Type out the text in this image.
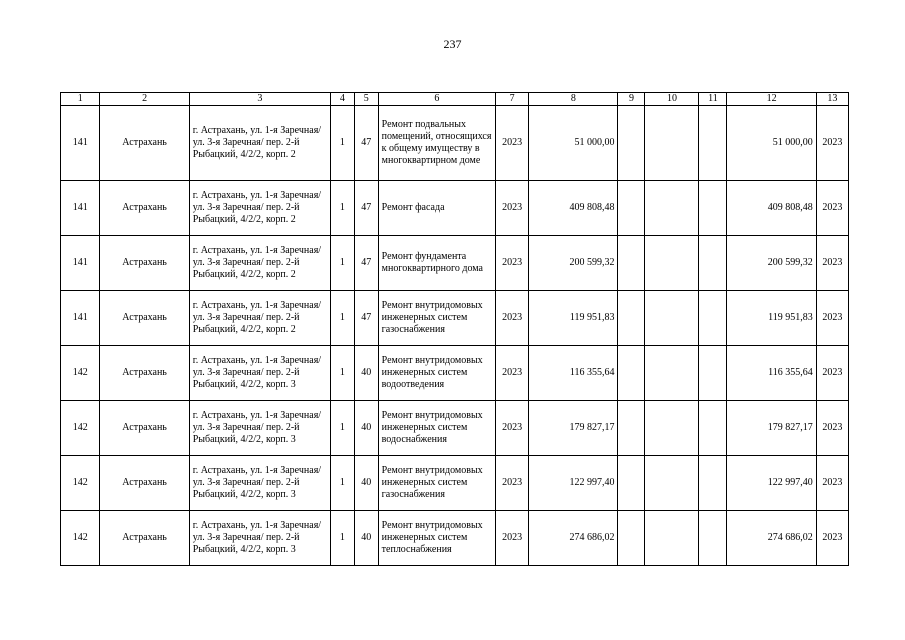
237
1	2	3	4	5	6	7	8	9	10	11	12	13
141	Астрахань	г. Астрахань, ул. 1-я Заречная/ ул. 3-я Заречная/ пер. 2-й Рыбацкий, 4/2/2, корп. 2	1	47	Ремонт подвальных помещений, относящихся к общему имуществу в многоквартирном доме	2023	51 000,00				51 000,00	2023
141	Астрахань	г. Астрахань, ул. 1-я Заречная/ ул. 3-я Заречная/ пер. 2-й Рыбацкий, 4/2/2, корп. 2	1	47	Ремонт фасада	2023	409 808,48				409 808,48	2023
141	Астрахань	г. Астрахань, ул. 1-я Заречная/ ул. 3-я Заречная/ пер. 2-й Рыбацкий, 4/2/2, корп. 2	1	47	Ремонт фундамента многоквартирного дома	2023	200 599,32				200 599,32	2023
141	Астрахань	г. Астрахань, ул. 1-я Заречная/ ул. 3-я Заречная/ пер. 2-й Рыбацкий, 4/2/2, корп. 2	1	47	Ремонт внутридомовых инженерных систем газоснабжения	2023	119 951,83				119 951,83	2023
142	Астрахань	г. Астрахань, ул. 1-я Заречная/ ул. 3-я Заречная/ пер. 2-й Рыбацкий, 4/2/2, корп. 3	1	40	Ремонт внутридомовых инженерных систем водоотведения	2023	116 355,64				116 355,64	2023
142	Астрахань	г. Астрахань, ул. 1-я Заречная/ ул. 3-я Заречная/ пер. 2-й Рыбацкий, 4/2/2, корп. 3	1	40	Ремонт внутридомовых инженерных систем водоснабжения	2023	179 827,17				179 827,17	2023
142	Астрахань	г. Астрахань, ул. 1-я Заречная/ ул. 3-я Заречная/ пер. 2-й Рыбацкий, 4/2/2, корп. 3	1	40	Ремонт внутридомовых инженерных систем газоснабжения	2023	122 997,40				122 997,40	2023
142	Астрахань	г. Астрахань, ул. 1-я Заречная/ ул. 3-я Заречная/ пер. 2-й Рыбацкий, 4/2/2, корп. 3	1	40	Ремонт внутридомовых инженерных систем теплоснабжения	2023	274 686,02				274 686,02	2023
